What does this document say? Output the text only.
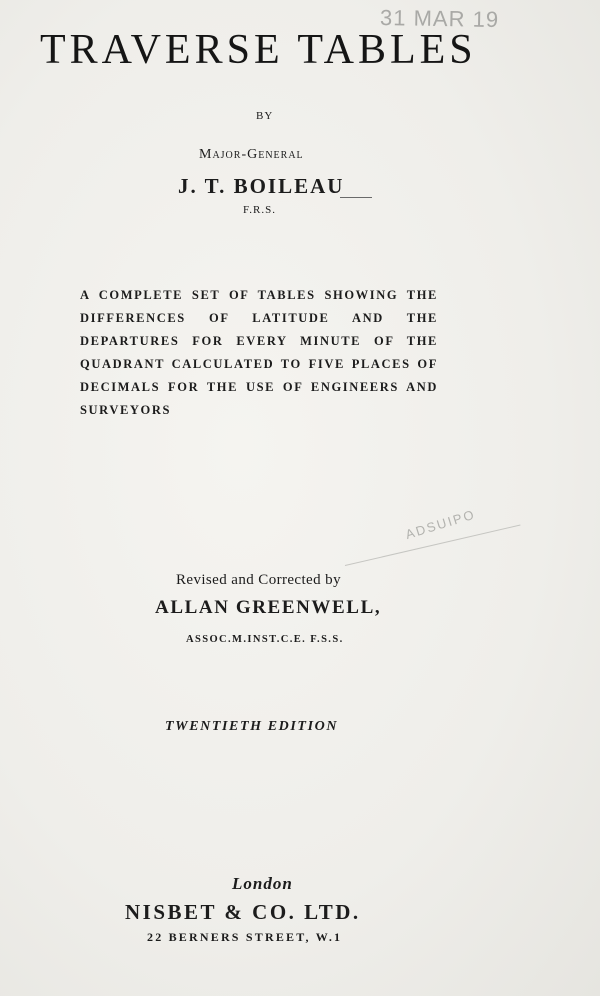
31 MAR 19
TRAVERSE TABLES
BY
Major-General
J. T. BOILEAU
F.R.S.
A COMPLETE SET OF TABLES SHOWING THE DIFFERENCES OF LATITUDE AND THE DEPARTURES FOR EVERY MINUTE OF THE QUADRANT CALCULATED TO FIVE PLACES OF DECIMALS FOR THE USE OF ENGINEERS AND SURVEYORS
ADSUIPO
Revised and Corrected by
ALLAN GREENWELL,
ASSOC.M.INST.C.E. F.S.S.
TWENTIETH EDITION
London
NISBET & CO. LTD.
22 BERNERS STREET, W.1
